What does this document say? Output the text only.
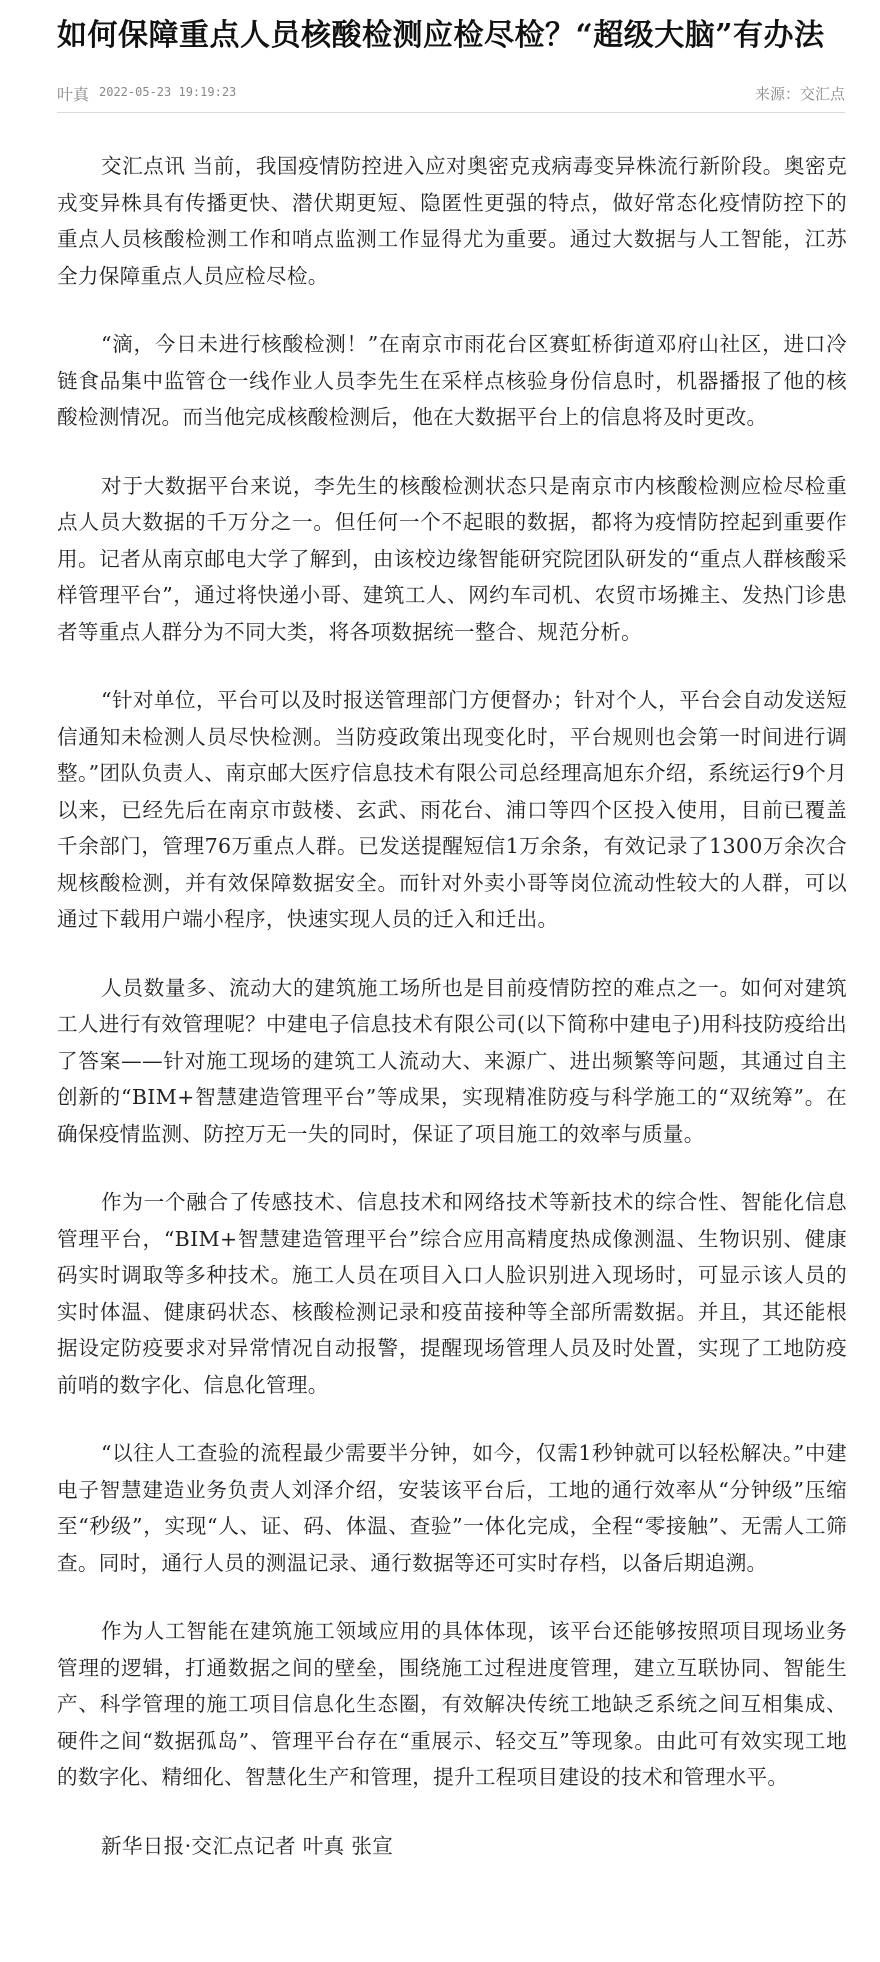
如何保障重点人员核酸检测应检尽检？“超级大脑”有办法
叶真 2022-05-23 19:19:23	来源：交汇点

交汇点讯 当前，我国疫情防控进入应对奥密克戎病毒变异株流行新阶段。奥密克戎变异株具有传播更快、潜伏期更短、隐匿性更强的特点，做好常态化疫情防控下的重点人员核酸检测工作和哨点监测工作显得尤为重要。通过大数据与人工智能，江苏全力保障重点人员应检尽检。

“滴，今日未进行核酸检测！”在南京市雨花台区赛虹桥街道邓府山社区，进口冷链食品集中监管仓一线作业人员李先生在采样点核验身份信息时，机器播报了他的核酸检测情况。而当他完成核酸检测后，他在大数据平台上的信息将及时更改。

对于大数据平台来说，李先生的核酸检测状态只是南京市内核酸检测应检尽检重点人员大数据的千万分之一。但任何一个不起眼的数据，都将为疫情防控起到重要作用。记者从南京邮电大学了解到，由该校边缘智能研究院团队研发的“重点人群核酸采样管理平台”，通过将快递小哥、建筑工人、网约车司机、农贸市场摊主、发热门诊患者等重点人群分为不同大类，将各项数据统一整合、规范分析。

“针对单位，平台可以及时报送管理部门方便督办；针对个人，平台会自动发送短信通知未检测人员尽快检测。当防疫政策出现变化时，平台规则也会第一时间进行调整。”团队负责人、南京邮大医疗信息技术有限公司总经理高旭东介绍，系统运行9个月以来，已经先后在南京市鼓楼、玄武、雨花台、浦口等四个区投入使用，目前已覆盖千余部门，管理76万重点人群。已发送提醒短信1万余条，有效记录了1300万余次合规核酸检测，并有效保障数据安全。而针对外卖小哥等岗位流动性较大的人群，可以通过下载用户端小程序，快速实现人员的迁入和迁出。

人员数量多、流动大的建筑施工场所也是目前疫情防控的难点之一。如何对建筑工人进行有效管理呢？中建电子信息技术有限公司(以下简称中建电子)用科技防疫给出了答案——针对施工现场的建筑工人流动大、来源广、进出频繁等问题，其通过自主创新的“BIM+智慧建造管理平台”等成果，实现精准防疫与科学施工的“双统筹”。在确保疫情监测、防控万无一失的同时，保证了项目施工的效率与质量。

作为一个融合了传感技术、信息技术和网络技术等新技术的综合性、智能化信息管理平台，“BIM+智慧建造管理平台”综合应用高精度热成像测温、生物识别、健康码实时调取等多种技术。施工人员在项目入口人脸识别进入现场时，可显示该人员的实时体温、健康码状态、核酸检测记录和疫苗接种等全部所需数据。并且，其还能根据设定防疫要求对异常情况自动报警，提醒现场管理人员及时处置，实现了工地防疫前哨的数字化、信息化管理。

“以往人工查验的流程最少需要半分钟，如今，仅需1秒钟就可以轻松解决。”中建电子智慧建造业务负责人刘泽介绍，安装该平台后，工地的通行效率从“分钟级”压缩至“秒级”，实现“人、证、码、体温、查验”一体化完成，全程“零接触”、无需人工筛查。同时，通行人员的测温记录、通行数据等还可实时存档，以备后期追溯。

作为人工智能在建筑施工领域应用的具体体现，该平台还能够按照项目现场业务管理的逻辑，打通数据之间的壁垒，围绕施工过程进度管理，建立互联协同、智能生产、科学管理的施工项目信息化生态圈，有效解决传统工地缺乏系统之间互相集成、硬件之间“数据孤岛”、管理平台存在“重展示、轻交互”等现象。由此可有效实现工地的数字化、精细化、智慧化生产和管理，提升工程项目建设的技术和管理水平。

新华日报·交汇点记者 叶真 张宣
